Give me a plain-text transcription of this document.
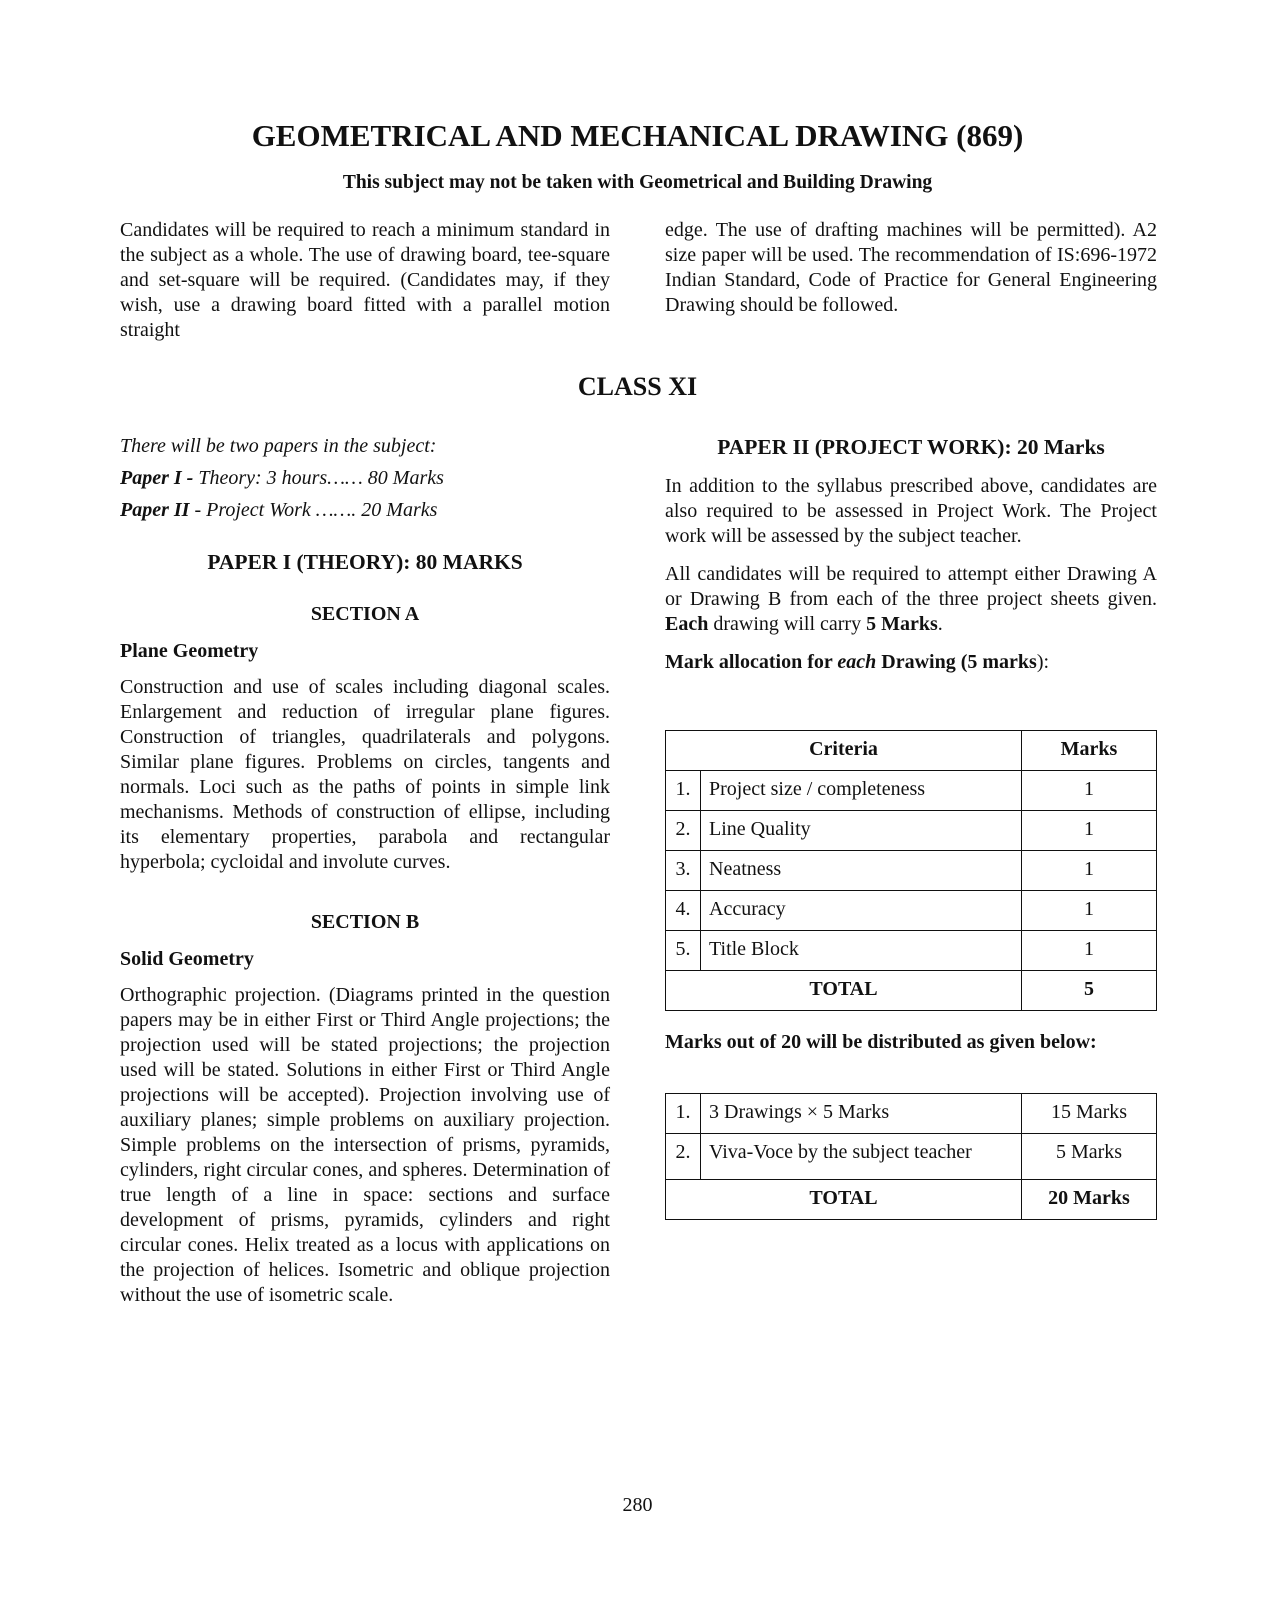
GEOMETRICAL AND MECHANICAL DRAWING (869)
This subject may not be taken with Geometrical and Building Drawing

Candidates will be required to reach a minimum standard in the subject as a whole. The use of drawing board, tee-square and set-square will be required. (Candidates may, if they wish, use a drawing board fitted with a parallel motion straight

edge. The use of drafting machines will be permitted). A2 size paper will be used. The recommendation of IS:696-1972 Indian Standard, Code of Practice for General Engineering Drawing should be followed.

CLASS XI
There will be two papers in the subject:
Paper I - Theory: 3 hours…… 80 Marks
Paper II - Project Work ……. 20 Marks
PAPER I (THEORY): 80 MARKS
SECTION A
Plane Geometry

Construction and use of scales including diagonal scales. Enlargement and reduction of irregular plane figures. Construction of triangles, quadrilaterals and polygons. Similar plane figures. Problems on circles, tangents and normals. Loci such as the paths of points in simple link mechanisms. Methods of construction of ellipse, including its elementary properties, parabola and rectangular hyperbola; cycloidal and involute curves.

SECTION B
Solid Geometry

Orthographic projection. (Diagrams printed in the question papers may be in either First or Third Angle projections; the projection used will be stated projections; the projection used will be stated. Solutions in either First or Third Angle projections will be accepted). Projection involving use of auxiliary planes; simple problems on auxiliary projection. Simple problems on the intersection of prisms, pyramids, cylinders, right circular cones, and spheres. Determination of true length of a line in space: sections and surface development of prisms, pyramids, cylinders and right circular cones. Helix treated as a locus with applications on the projection of helices. Isometric and oblique projection without the use of isometric scale.

PAPER II (PROJECT WORK): 20 Marks

In addition to the syllabus prescribed above, candidates are also required to be assessed in Project Work. The Project work will be assessed by the subject teacher.

All candidates will be required to attempt either Drawing A or Drawing B from each of the three project sheets given. Each drawing will carry 5 Marks.

Mark allocation for each Drawing (5 marks):

Criteria		Marks
1.	Project size / completeness	1
2.	Line Quality	1
3.	Neatness	1
4.	Accuracy	1
5.	Title Block	1
TOTAL		5

Marks out of 20 will be distributed as given below:

1.	3 Drawings × 5 Marks	15 Marks
2.	Viva-Voce by the subject teacher	5 Marks
TOTAL		20 Marks
280
